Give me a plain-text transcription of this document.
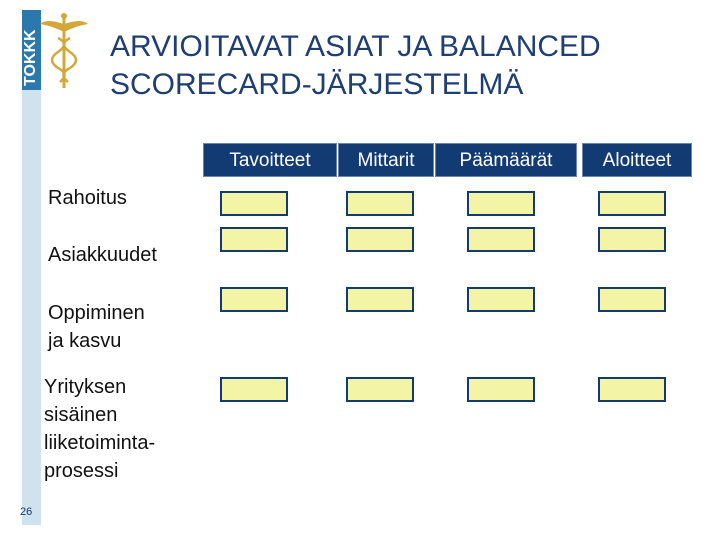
TOKKK ARVIOITAVAT ASIAT JA BALANCED
SCORECARD-JÄRJESTELMÄ
Tavoitteet	Mittarit	Päämäärät	Aloitteet
Rahoitus
Asiakkuudet
Oppiminen
ja kasvu
Yrityksen
sisäinen
liiketoiminta-
prosessi
26
